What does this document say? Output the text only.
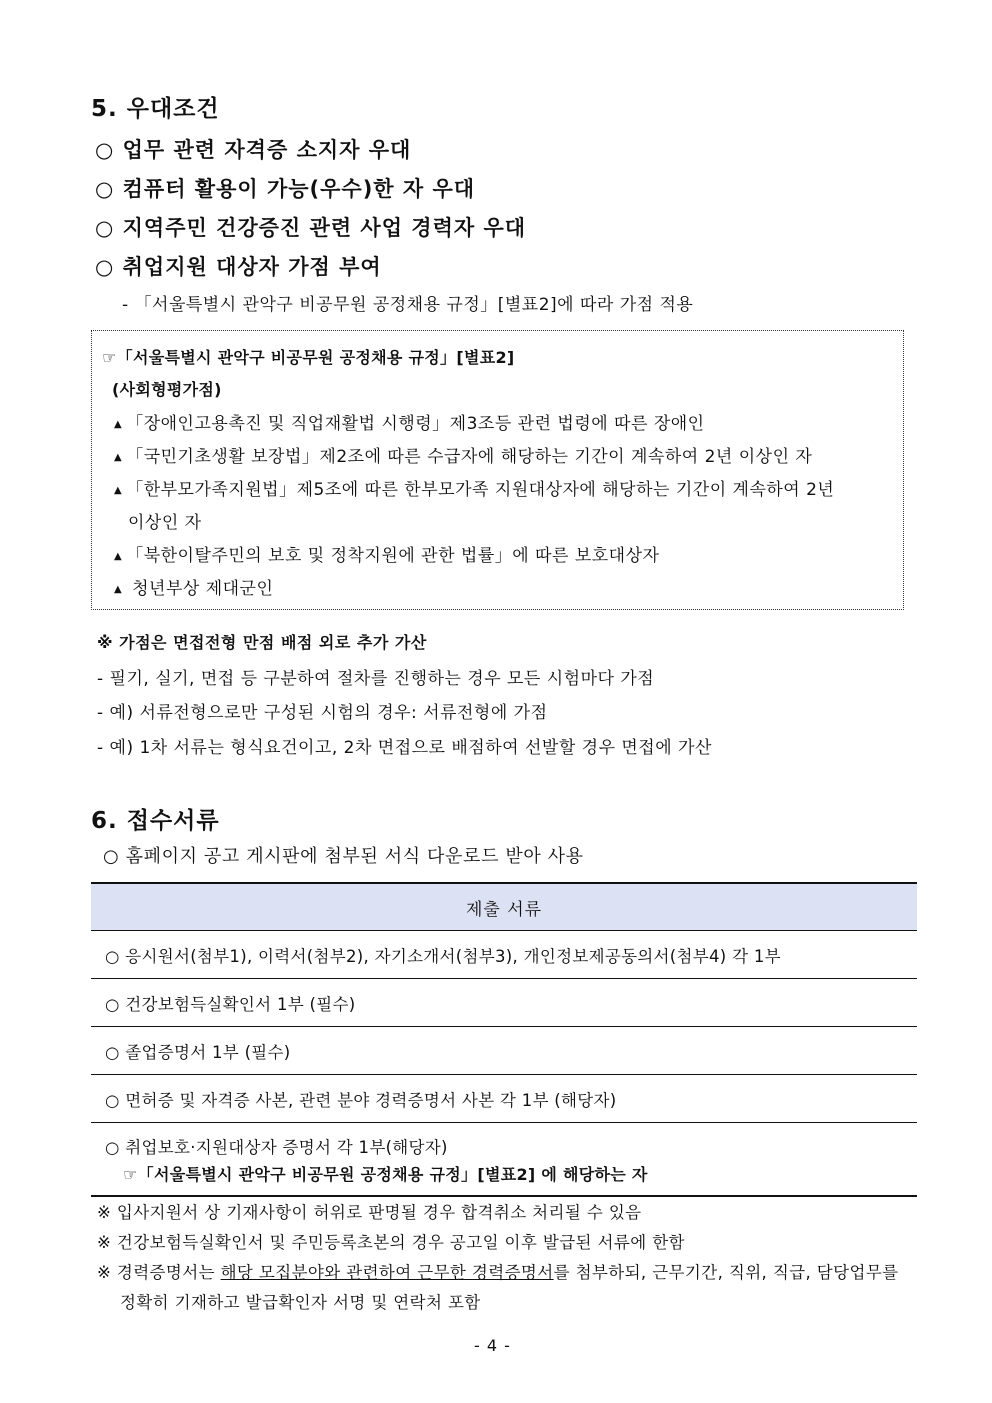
5. 우대조건
○ 업무 관련 자격증 소지자 우대
○ 컴퓨터 활용이 가능(우수)한 자 우대
○ 지역주민 건강증진 관련 사업 경력자 우대
○ 취업지원 대상자 가점 부여
- 「서울특별시 관악구 비공무원 공정채용 규정」[별표2]에 따라 가점 적용
☞「서울특별시 관악구 비공무원 공정채용 규정」[별표2]
(사회형평가점)
▲ 「장애인고용촉진 및 직업재활법 시행령」제3조등 관련 법령에 따른 장애인
▲ 「국민기초생활 보장법」제2조에 따른 수급자에 해당하는 기간이 계속하여 2년 이상인 자
▲ 「한부모가족지원법」제5조에 따른 한부모가족 지원대상자에 해당하는 기간이 계속하여 2년
이상인 자
▲ 「북한이탈주민의 보호 및 정착지원에 관한 법률」에 따른 보호대상자
▲ 청년부상 제대군인
※ 가점은 면접전형 만점 배점 외로 추가 가산
- 필기, 실기, 면접 등 구분하여 절차를 진행하는 경우 모든 시험마다 가점
- 예) 서류전형으로만 구성된 시험의 경우: 서류전형에 가점
- 예) 1차 서류는 형식요건이고, 2차 면접으로 배점하여 선발할 경우 면접에 가산
6. 접수서류
○ 홈페이지 공고 게시판에 첨부된 서식 다운로드 받아 사용
제출 서류
○ 응시원서(첨부1), 이력서(첨부2), 자기소개서(첨부3), 개인정보제공동의서(첨부4) 각 1부
○ 건강보험득실확인서 1부 (필수)
○ 졸업증명서 1부 (필수)
○ 면허증 및 자격증 사본, 관련 분야 경력증명서 사본 각 1부 (해당자)
○ 취업보호·지원대상자 증명서 각 1부(해당자)
☞「서울특별시 관악구 비공무원 공정채용 규정」[별표2] 에 해당하는 자
※ 입사지원서 상 기재사항이 허위로 판명될 경우 합격취소 처리될 수 있음
※ 건강보험득실확인서 및 주민등록초본의 경우 공고일 이후 발급된 서류에 한함
※ 경력증명서는 해당 모집분야와 관련하여 근무한 경력증명서를 첨부하되, 근무기간, 직위, 직급, 담당업무를
정확히 기재하고 발급확인자 서명 및 연락처 포함
- 4 -
